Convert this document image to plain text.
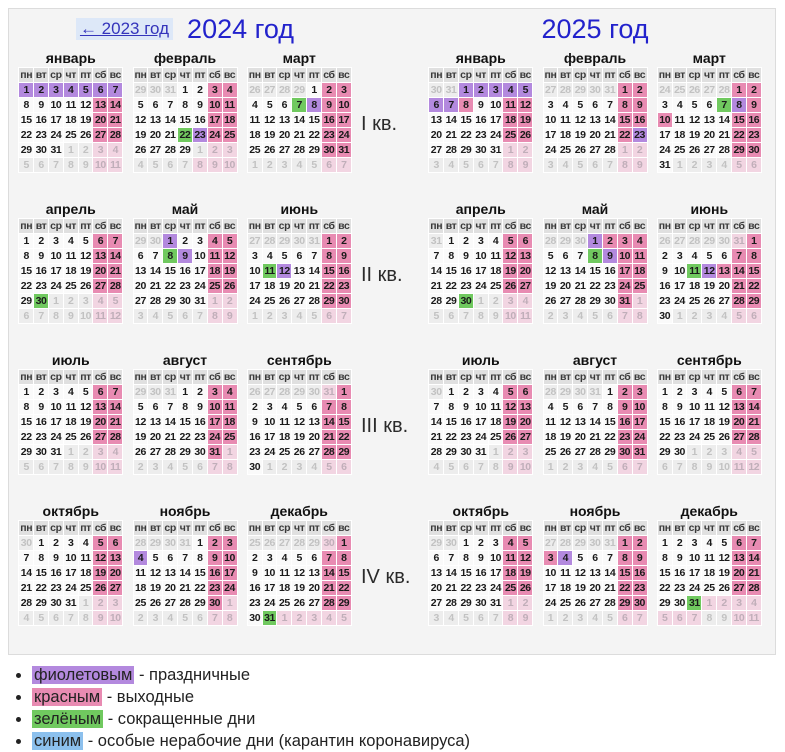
← 2023 год 2024 год	2025 год
январь
пн	вт	ср	чт	пт	сб	вс
1	2	3	4	5	6	7
8	9	10	11	12	13	14
15	16	17	18	19	20	21
22	23	24	25	26	27	28
29	30	31	1	2	3	4
5	6	7	8	9	10	11
февраль
пн	вт	ср	чт	пт	сб	вс
29	30	31	1	2	3	4
5	6	7	8	9	10	11
12	13	14	15	16	17	18
19	20	21	22	23	24	25
26	27	28	29	1	2	3
4	5	6	7	8	9	10
март
пн	вт	ср	чт	пт	сб	вс
26	27	28	29	1	2	3
4	5	6	7	8	9	10
11	12	13	14	15	16	17
18	19	20	21	22	23	24
25	26	27	28	29	30	31
1	2	3	4	5	6	7
апрель
пн	вт	ср	чт	пт	сб	вс
1	2	3	4	5	6	7
8	9	10	11	12	13	14
15	16	17	18	19	20	21
22	23	24	25	26	27	28
29	30	1	2	3	4	5
6	7	8	9	10	11	12
май
пн	вт	ср	чт	пт	сб	вс
29	30	1	2	3	4	5
6	7	8	9	10	11	12
13	14	15	16	17	18	19
20	21	22	23	24	25	26
27	28	29	30	31	1	2
3	4	5	6	7	8	9
июнь
пн	вт	ср	чт	пт	сб	вс
27	28	29	30	31	1	2
3	4	5	6	7	8	9
10	11	12	13	14	15	16
17	18	19	20	21	22	23
24	25	26	27	28	29	30
1	2	3	4	5	6	7
июль
пн	вт	ср	чт	пт	сб	вс
1	2	3	4	5	6	7
8	9	10	11	12	13	14
15	16	17	18	19	20	21
22	23	24	25	26	27	28
29	30	31	1	2	3	4
5	6	7	8	9	10	11
август
пн	вт	ср	чт	пт	сб	вс
29	30	31	1	2	3	4
5	6	7	8	9	10	11
12	13	14	15	16	17	18
19	20	21	22	23	24	25
26	27	28	29	30	31	1
2	3	4	5	6	7	8
сентябрь
пн	вт	ср	чт	пт	сб	вс
26	27	28	29	30	31	1
2	3	4	5	6	7	8
9	10	11	12	13	14	15
16	17	18	19	20	21	22
23	24	25	26	27	28	29
30	1	2	3	4	5	6
октябрь
пн	вт	ср	чт	пт	сб	вс
30	1	2	3	4	5	6
7	8	9	10	11	12	13
14	15	16	17	18	19	20
21	22	23	24	25	26	27
28	29	30	31	1	2	3
4	5	6	7	8	9	10
ноябрь
пн	вт	ср	чт	пт	сб	вс
28	29	30	31	1	2	3
4	5	6	7	8	9	10
11	12	13	14	15	16	17
18	19	20	21	22	23	24
25	26	27	28	29	30	1
2	3	4	5	6	7	8
декабрь
пн	вт	ср	чт	пт	сб	вс
25	26	27	28	29	30	1
2	3	4	5	6	7	8
9	10	11	12	13	14	15
16	17	18	19	20	21	22
23	24	25	26	27	28	29
30	31	1	2	3	4	5
I кв.
II кв.
III кв.
IV кв.
январь
пн	вт	ср	чт	пт	сб	вс
30	31	1	2	3	4	5
6	7	8	9	10	11	12
13	14	15	16	17	18	19
20	21	22	23	24	25	26
27	28	29	30	31	1	2
3	4	5	6	7	8	9
февраль
пн	вт	ср	чт	пт	сб	вс
27	28	29	30	31	1	2
3	4	5	6	7	8	9
10	11	12	13	14	15	16
17	18	19	20	21	22	23
24	25	26	27	28	1	2
3	4	5	6	7	8	9
март
пн	вт	ср	чт	пт	сб	вс
24	25	26	27	28	1	2
3	4	5	6	7	8	9
10	11	12	13	14	15	16
17	18	19	20	21	22	23
24	25	26	27	28	29	30
31	1	2	3	4	5	6
апрель
пн	вт	ср	чт	пт	сб	вс
31	1	2	3	4	5	6
7	8	9	10	11	12	13
14	15	16	17	18	19	20
21	22	23	24	25	26	27
28	29	30	1	2	3	4
5	6	7	8	9	10	11
май
пн	вт	ср	чт	пт	сб	вс
28	29	30	1	2	3	4
5	6	7	8	9	10	11
12	13	14	15	16	17	18
19	20	21	22	23	24	25
26	27	28	29	30	31	1
2	3	4	5	6	7	8
июнь
пн	вт	ср	чт	пт	сб	вс
26	27	28	29	30	31	1
2	3	4	5	6	7	8
9	10	11	12	13	14	15
16	17	18	19	20	21	22
23	24	25	26	27	28	29
30	1	2	3	4	5	6
июль
пн	вт	ср	чт	пт	сб	вс
30	1	2	3	4	5	6
7	8	9	10	11	12	13
14	15	16	17	18	19	20
21	22	23	24	25	26	27
28	29	30	31	1	2	3
4	5	6	7	8	9	10
август
пн	вт	ср	чт	пт	сб	вс
28	29	30	31	1	2	3
4	5	6	7	8	9	10
11	12	13	14	15	16	17
18	19	20	21	22	23	24
25	26	27	28	29	30	31
1	2	3	4	5	6	7
сентябрь
пн	вт	ср	чт	пт	сб	вс
1	2	3	4	5	6	7
8	9	10	11	12	13	14
15	16	17	18	19	20	21
22	23	24	25	26	27	28
29	30	1	2	3	4	5
6	7	8	9	10	11	12
октябрь
пн	вт	ср	чт	пт	сб	вс
29	30	1	2	3	4	5
6	7	8	9	10	11	12
13	14	15	16	17	18	19
20	21	22	23	24	25	26
27	28	29	30	31	1	2
3	4	5	6	7	8	9
ноябрь
пн	вт	ср	чт	пт	сб	вс
27	28	29	30	31	1	2
3	4	5	6	7	8	9
10	11	12	13	14	15	16
17	18	19	20	21	22	23
24	25	26	27	28	29	30
1	2	3	4	5	6	7
декабрь
пн	вт	ср	чт	пт	сб	вс
1	2	3	4	5	6	7
8	9	10	11	12	13	14
15	16	17	18	19	20	21
22	23	24	25	26	27	28
29	30	31	1	2	3	4
5	6	7	8	9	10	11
• фиолетовым - праздничные
• красным - выходные
• зелёным - сокращенные дни
• синим - особые нерабочие дни (карантин коронавируса)
